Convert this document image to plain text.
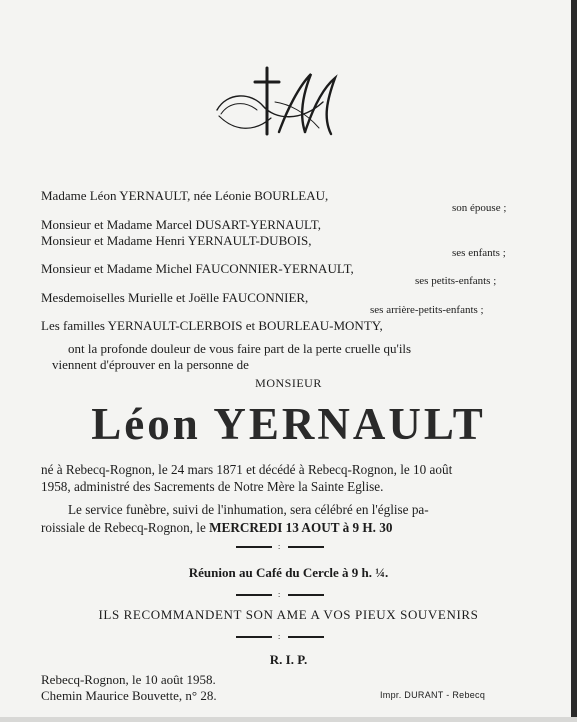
Madame Léon YERNAULT, née Léonie BOURLEAU,
son épouse ;
Monsieur et Madame Marcel DUSART-YERNAULT,
Monsieur et Madame Henri YERNAULT-DUBOIS,
ses enfants ;
Monsieur et Madame Michel FAUCONNIER-YERNAULT,
ses petits-enfants ;
Mesdemoiselles Murielle et Joëlle FAUCONNIER,
ses arrière-petits-enfants ;
Les familles YERNAULT-CLERBOIS et BOURLEAU-MONTY,
ont la profonde douleur de vous faire part de la perte cruelle qu'ils
viennent d'éprouver en la personne de
MONSIEUR
Léon YERNAULT
né à Rebecq-Rognon, le 24 mars 1871 et décédé à Rebecq-Rognon, le 10 août
1958, administré des Sacrements de Notre Mère la Sainte Eglise.
Le service funèbre, suivi de l'inhumation, sera célébré en l'église pa-
roissiale de Rebecq-Rognon, le MERCREDI 13 AOUT à 9 H. 30
:
Réunion au Café du Cercle à 9 h. ¼.
:
ILS RECOMMANDENT SON AME A VOS PIEUX SOUVENIRS
:
R. I. P.
Rebecq-Rognon, le 10 août 1958.
Chemin Maurice Bouvette, n° 28.	Impr. DURANT - Rebecq
